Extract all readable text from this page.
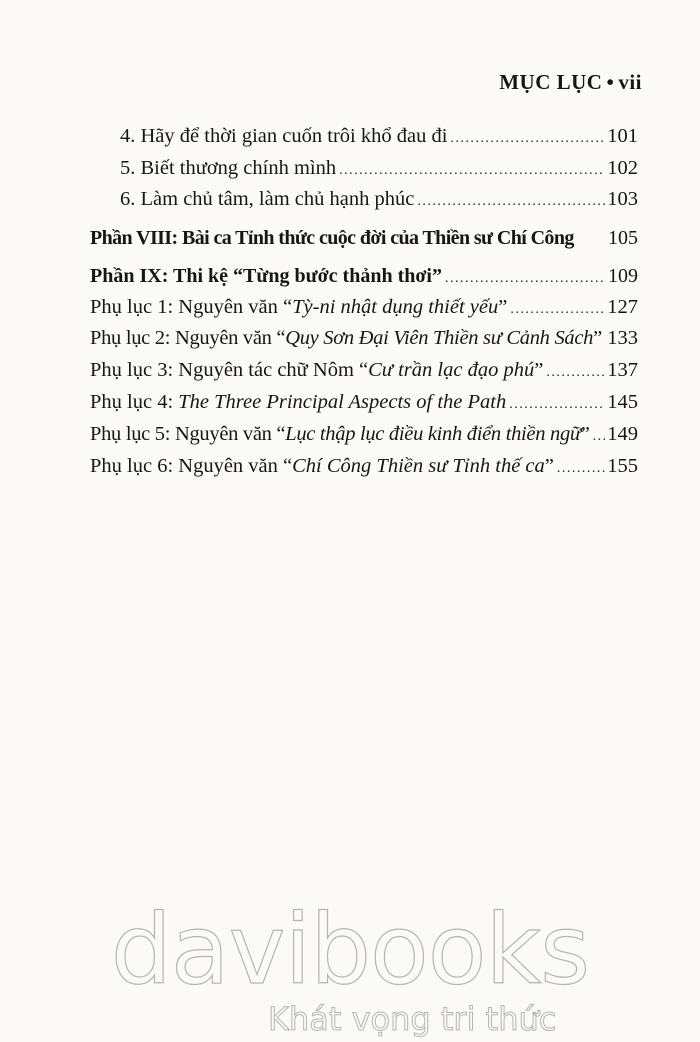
MỤC LỤC • vii
4. Hãy để thời gian cuốn trôi khổ đau đi . . .	101
5. Biết thương chính mình . . .	102
6. Làm chủ tâm, làm chủ hạnh phúc . . .	103
Phần VIII: Bài ca Tỉnh thức cuộc đời của Thiền sư Chí Công 105
Phần IX: Thi kệ “Từng bước thảnh thơi” . . .	109
Phụ lục 1: Nguyên văn “Tỳ-ni nhật dụng thiết yếu” . . .	127
Phụ lục 2: Nguyên văn “Quy Sơn Đại Viên Thiền sư Cảnh Sách” 133
Phụ lục 3: Nguyên tác chữ Nôm “Cư trần lạc đạo phú” . . .	137
Phụ lục 4: The Three Principal Aspects of the Path . . .	145
Phụ lục 5: Nguyên văn “Lục thập lục điều kinh điển thiền ngữ” . . . 149
Phụ lục 6: Nguyên văn “Chí Công Thiền sư Tỉnh thế ca” . . .	155
davibooks
Khát vọng tri thức
